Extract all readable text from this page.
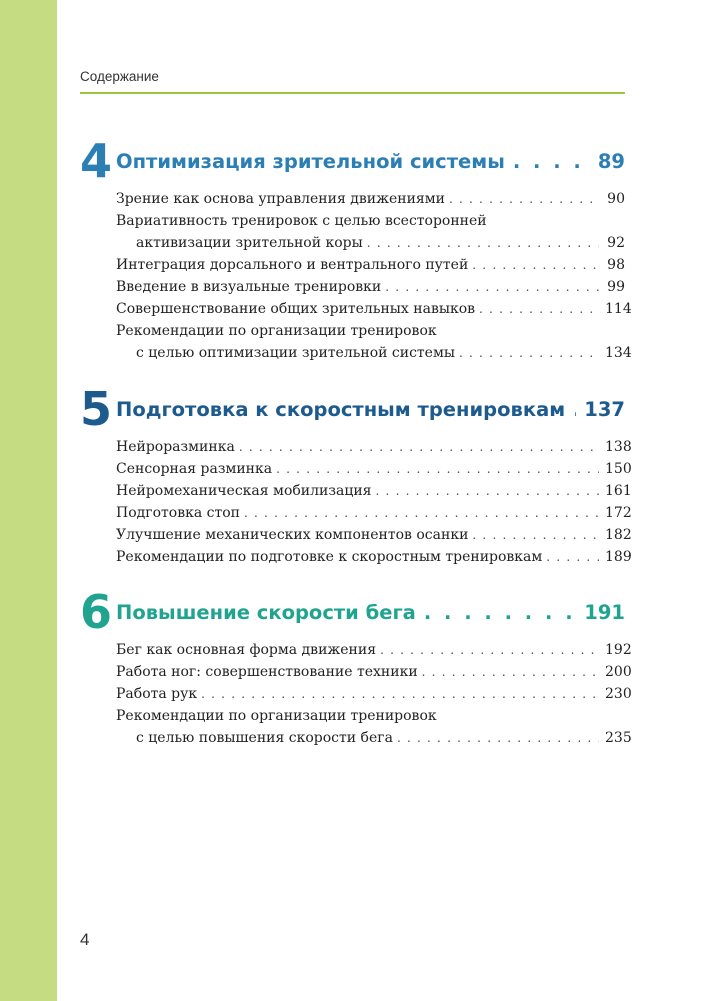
Содержание
4 Оптимизация зрительной системы . . .	89
Зрение как основа управления движениями . . .	90
Вариативность тренировок с целью всесторонней
активизации зрительной коры . . .	92
Интеграция дорсального и вентрального путей . . .	98
Введение в визуальные тренировки . . .	99
Совершенствование общих зрительных навыков . . .	114
Рекомендации по организации тренировок
с целью оптимизации зрительной системы . . .	134
5 Подготовка к скоростным тренировкам . . . 137
Нейроразминка . . .	138
Сенсорная разминка . . .	150
Нейромеханическая мобилизация . . .	161
Подготовка стоп . . .	172
Улучшение механических компонентов осанки . . .	182
Рекомендации по подготовке к скоростным тренировкам . . .	189
6 Повышение скорости бега . . .	191
Бег как основная форма движения . . .	192
Работа ног: совершенствование техники . . .	200
Работа рук . . .	230
Рекомендации по организации тренировок
с целью повышения скорости бега . . .	235
4
